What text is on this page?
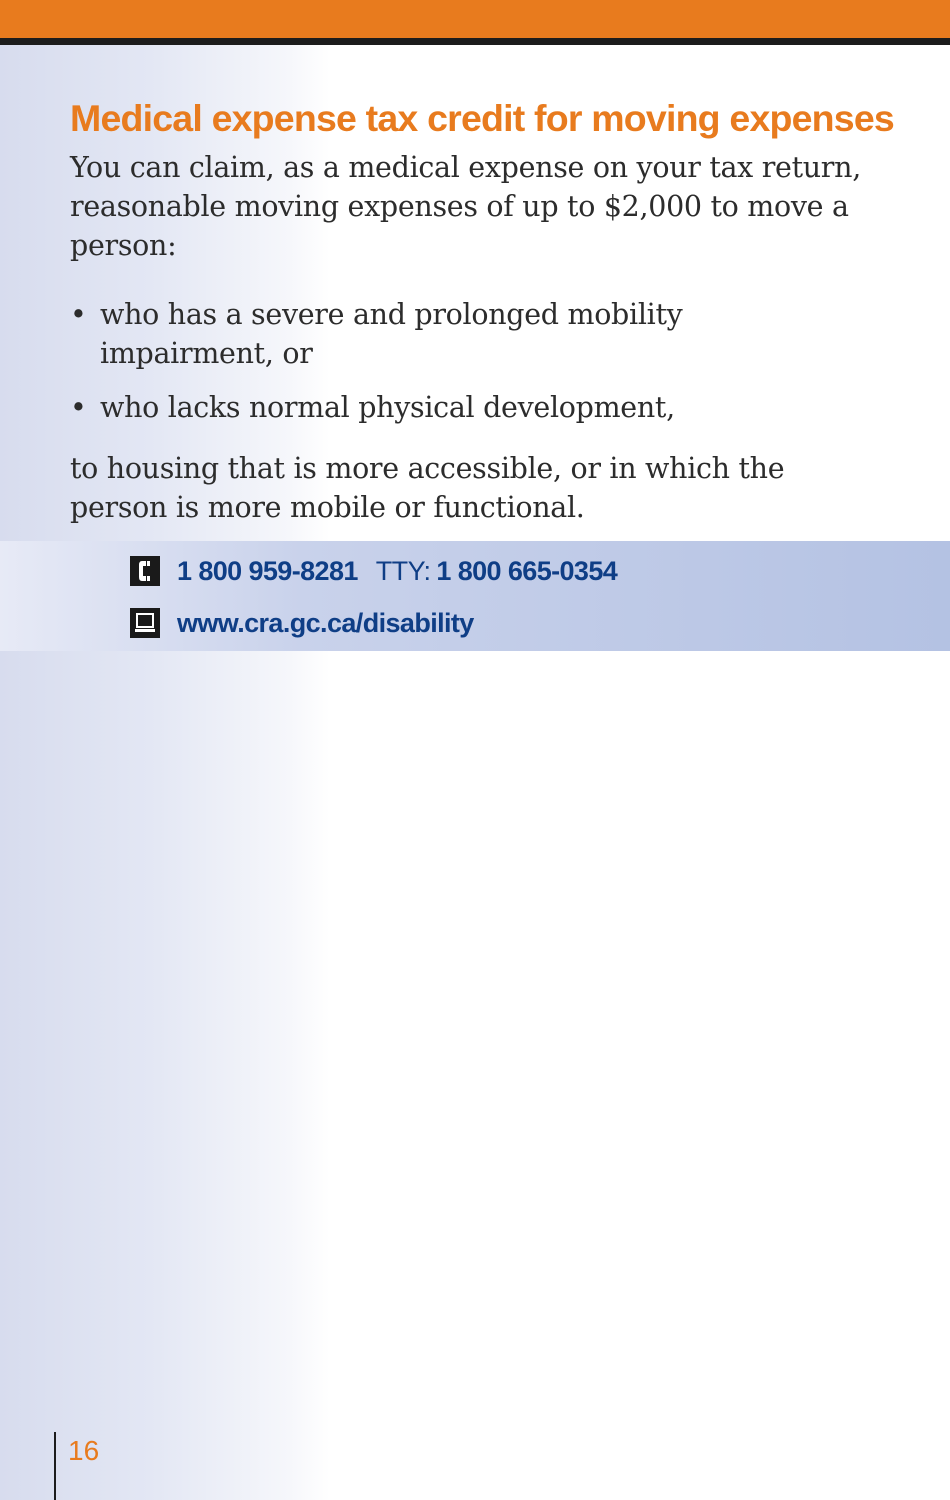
Medical expense tax credit for moving expenses

You can claim, as a medical expense on your tax return, reasonable moving expenses of up to $2,000 to move a person:

• who has a severe and prolonged mobility impairment, or
• who lacks normal physical development,

to housing that is more accessible, or in which the person is more mobile or functional.

1 800 959-8281 TTY: 1 800 665-0354
www.cra.gc.ca/disability
16
